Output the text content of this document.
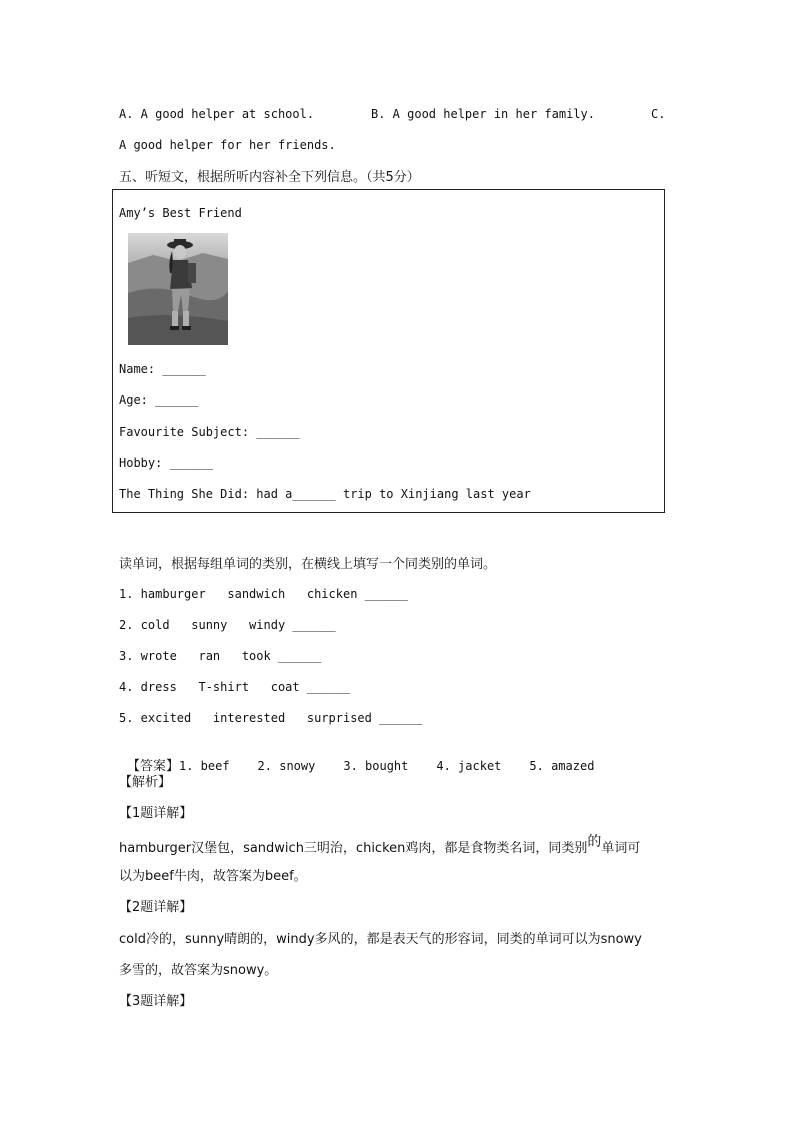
A. A good helper at school.	B. A good helper in her family.	C.
A good helper for her friends.
五、听短文，根据所听内容补全下列信息。（共5分）
Amy’s Best Friend
Name: ______
Age: ______
Favourite Subject: ______
Hobby: ______
The Thing She Did: had a______ trip to Xinjiang last year
读单词，根据每组单词的类别，在横线上填写一个同类别的单词。
1. hamburger   sandwich   chicken ______
2. cold   sunny   windy ______
3. wrote   ran   took ______
4. dress   T-shirt   coat ______
5. excited   interested   surprised ______

【答案】1. beef 2. snowy 3. bought 4. jacket 5. amazed

【解析】
【1题详解】
hamburger汉堡包，sandwich三明治，chicken鸡肉，都是食物类名词，同类别的单词可
以为beef牛肉，故答案为beef。
【2题详解】
cold冷的，sunny晴朗的，windy多风的，都是表天气的形容词，同类的单词可以为snowy
多雪的，故答案为snowy。
【3题详解】
